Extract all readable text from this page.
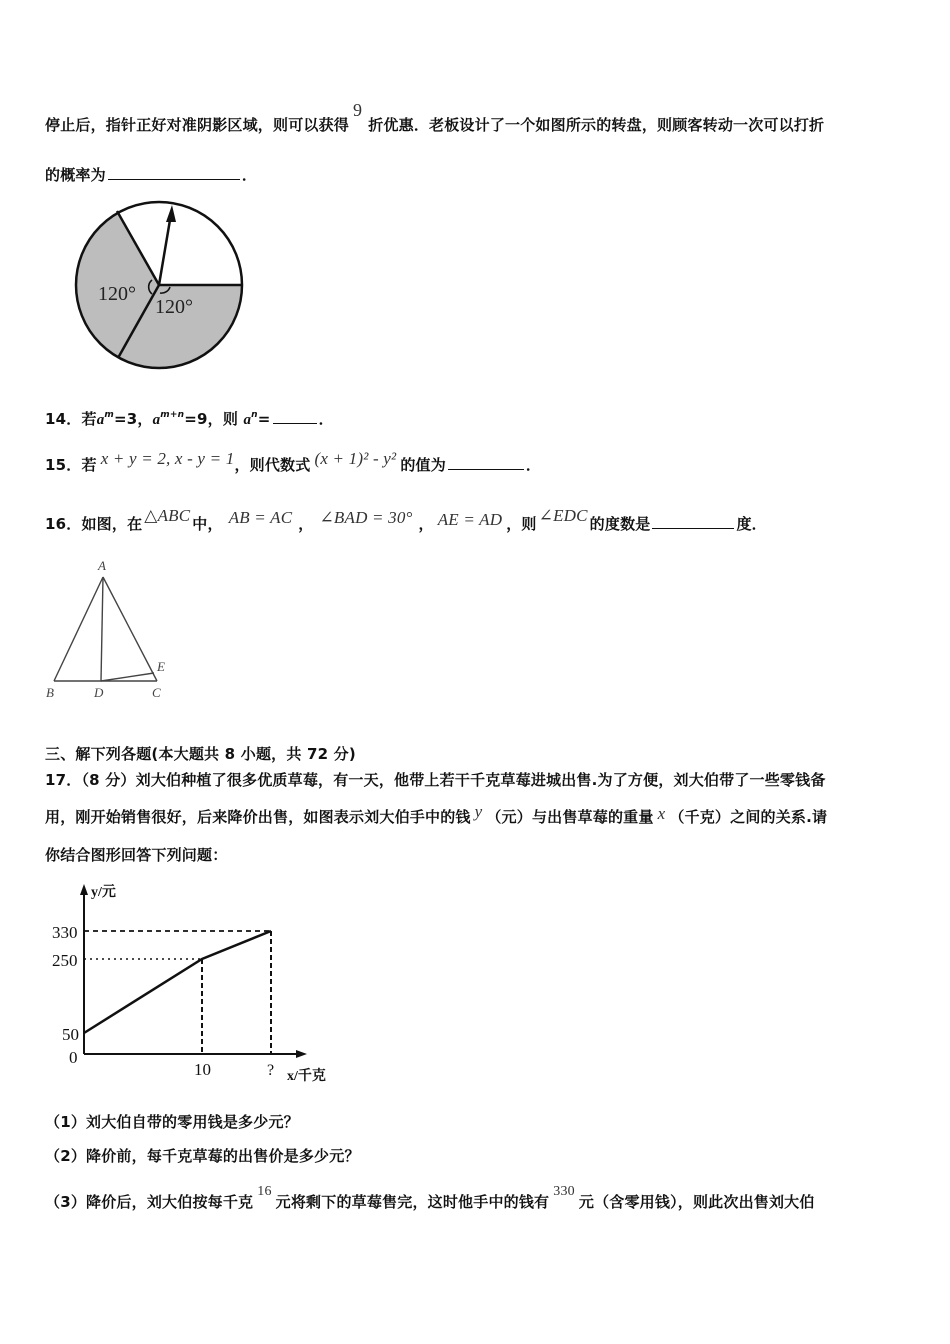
停止后，指针正好对准阴影区域，则可以获得9折优惠．老板设计了一个如图所示的转盘，则顾客转动一次可以打折
的概率为	．
120°
120°
14．若$a^m=3$，$a^{m+n}=9$，则 $a^n=$	．
15．若 x + y = 2, x - y = 1，则代数式 (x + 1)² - y² 的值为	．
16．如图，在 △ABC 中， AB = AC ， ∠BAD = 30° ， AE = AD ，则 ∠EDC 的度数是	度．
A
B	D	C
E
三、解下列各题(本大题共 8 小题，共 72 分)
17．（8 分）刘大伯种植了很多优质草莓，有一天，他带上若干千克草莓进城出售.为了方便，刘大伯带了一些零钱备
用，刚开始销售很好，后来降价出售，如图表示刘大伯手中的钱 y （元）与出售草莓的重量 x （千克）之间的关系.请
你结合图形回答下列问题：
330
250
50
0
10	?
y/元
x/千克
（1）刘大伯自带的零用钱是多少元？
（2）降价前，每千克草莓的出售价是多少元？
（3）降价后，刘大伯按每千克16元将剩下的草莓售完，这时他手中的钱有330元（含零用钱），则此次出售刘大伯
